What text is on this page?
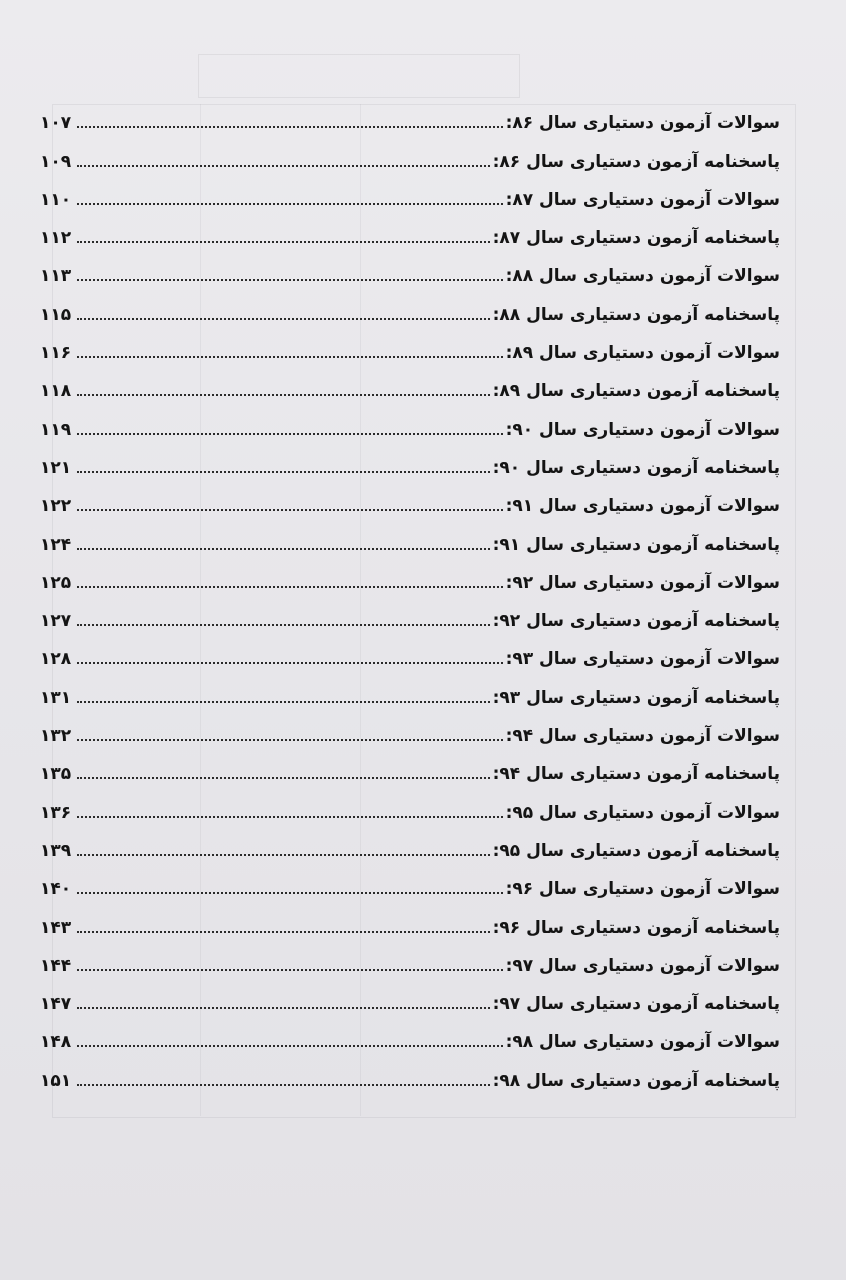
سوالات آزمون دستیاری سال ۸۶:
۱۰۷
پاسخنامه آزمون دستیاری سال ۸۶:
۱۰۹
سوالات آزمون دستیاری سال ۸۷:
۱۱۰
پاسخنامه آزمون دستیاری سال ۸۷:
۱۱۲
سوالات آزمون دستیاری سال ۸۸:
۱۱۳
پاسخنامه آزمون دستیاری سال ۸۸:
۱۱۵
سوالات آزمون دستیاری سال ۸۹:
۱۱۶
پاسخنامه آزمون دستیاری سال ۸۹:
۱۱۸
سوالات آزمون دستیاری سال ۹۰:
۱۱۹
پاسخنامه آزمون دستیاری سال ۹۰:
۱۲۱
سوالات آزمون دستیاری سال ۹۱:
۱۲۲
پاسخنامه آزمون دستیاری سال ۹۱:
۱۲۴
سوالات آزمون دستیاری سال ۹۲:
۱۲۵
پاسخنامه آزمون دستیاری سال ۹۲:
۱۲۷
سوالات آزمون دستیاری سال ۹۳:
۱۲۸
پاسخنامه آزمون دستیاری سال ۹۳:
۱۳۱
سوالات آزمون دستیاری سال ۹۴:
۱۳۲
پاسخنامه آزمون دستیاری سال ۹۴:
۱۳۵
سوالات آزمون دستیاری سال ۹۵:
۱۳۶
پاسخنامه آزمون دستیاری سال ۹۵:
۱۳۹
سوالات آزمون دستیاری سال ۹۶:
۱۴۰
پاسخنامه آزمون دستیاری سال ۹۶:
۱۴۳
سوالات آزمون دستیاری سال ۹۷:
۱۴۴
پاسخنامه آزمون دستیاری سال ۹۷:
۱۴۷
سوالات آزمون دستیاری سال ۹۸:
۱۴۸
پاسخنامه آزمون دستیاری سال ۹۸:
۱۵۱
